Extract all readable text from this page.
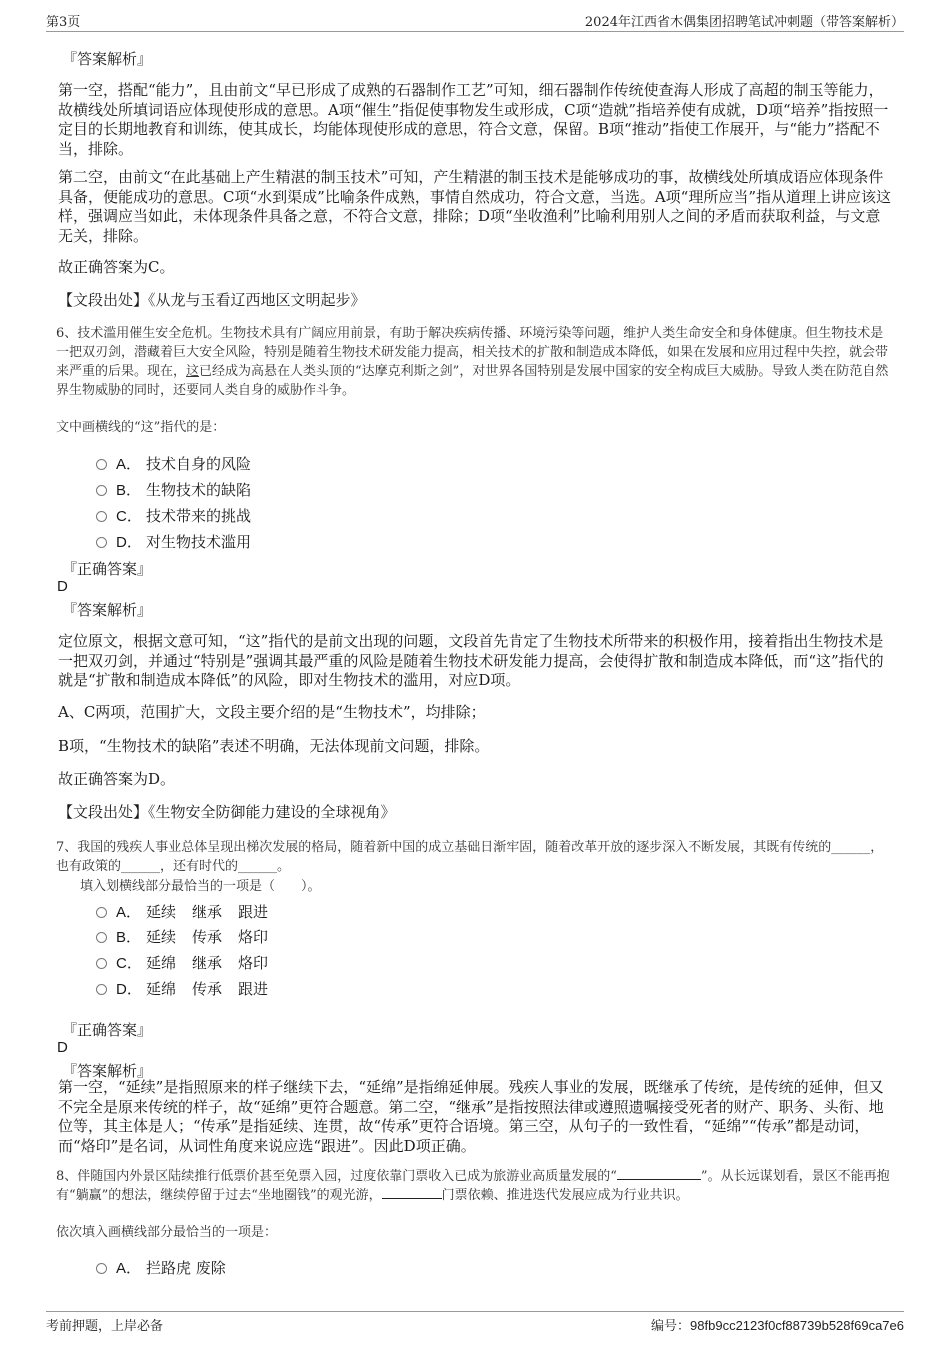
第3页	2024年江西省木偶集团招聘笔试冲刺题（带答案解析）
『答案解析』
第一空，搭配“能力”，且由前文“早已形成了成熟的石器制作工艺”可知，细石器制作传统使查海人形成了高超的制玉等能力，故横线处所填词语应体现使形成的意思。A项“催生”指促使事物发生或形成，C项“造就”指培养使有成就，D项“培养”指按照一定目的长期地教育和训练，使其成长，均能体现使形成的意思，符合文意，保留。B项“推动”指使工作展开，与“能力”搭配不当，排除。
第二空，由前文“在此基础上产生精湛的制玉技术”可知，产生精湛的制玉技术是能够成功的事，故横线处所填成语应体现条件具备，便能成功的意思。C项“水到渠成”比喻条件成熟，事情自然成功，符合文意，当选。A项“理所应当”指从道理上讲应该这样，强调应当如此，未体现条件具备之意，不符合文意，排除；D项“坐收渔利”比喻利用别人之间的矛盾而获取利益，与文意无关，排除。
故正确答案为C。
【文段出处】《从龙与玉看辽西地区文明起步》
6、技术滥用催生安全危机。生物技术具有广阔应用前景，有助于解决疾病传播、环境污染等问题，维护人类生命安全和身体健康。但生物技术是一把双刃剑，潜藏着巨大安全风险，特别是随着生物技术研发能力提高，相关技术的扩散和制造成本降低，如果在发展和应用过程中失控，就会带来严重的后果。现在，这已经成为高悬在人类头顶的“达摩克利斯之剑”，对世界各国特别是发展中国家的安全构成巨大威胁。导致人类在防范自然界生物威胁的同时，还要同人类自身的威胁作斗争。
文中画横线的“这”指代的是：
A． 技术自身的风险
B． 生物技术的缺陷
C． 技术带来的挑战
D． 对生物技术滥用
『正确答案』
D
『答案解析』
定位原文，根据文意可知，“这”指代的是前文出现的问题，文段首先肯定了生物技术所带来的积极作用，接着指出生物技术是一把双刃剑，并通过“特别是”强调其最严重的风险是随着生物技术研发能力提高，会使得扩散和制造成本降低，而“这”指代的就是“扩散和制造成本降低”的风险，即对生物技术的滥用，对应D项。
A、C两项，范围扩大，文段主要介绍的是“生物技术”，均排除；
B项，“生物技术的缺陷”表述不明确，无法体现前文问题，排除。
故正确答案为D。
【文段出处】《生物安全防御能力建设的全球视角》
7、我国的残疾人事业总体呈现出梯次发展的格局，随着新中国的成立基础日渐牢固，随着改革开放的逐步深入不断发展，其既有传统的______，也有政策的______，还有时代的______。
填入划横线部分最恰当的一项是（　　）。
A． 延续 继承 跟进
B． 延续 传承 烙印
C． 延绵 继承 烙印
D． 延绵 传承 跟进
『正确答案』
D
『答案解析』
第一空，“延续”是指照原来的样子继续下去，“延绵”是指绵延伸展。残疾人事业的发展，既继承了传统，是传统的延伸，但又不完全是原来传统的样子，故“延绵”更符合题意。第二空，“继承”是指按照法律或遵照遗嘱接受死者的财产、职务、头衔、地位等，其主体是人；“传承”是指延续、连贯，故“传承”更符合语境。第三空，从句子的一致性看，“延绵”“传承”都是动词，而“烙印”是名词，从词性角度来说应选“跟进”。因此D项正确。
8、伴随国内外景区陆续推行低票价甚至免票入园，过度依靠门票收入已成为旅游业高质量发展的“	”。从长远谋划看，景区不能再抱有“躺赢”的想法，继续停留于过去“坐地圈钱”的观光游，	门票依赖、推进迭代发展应成为行业共识。
依次填入画横线部分最恰当的一项是：
A． 拦路虎 废除
考前押题，上岸必备	编号：98fb9cc2123f0cf88739b528f69ca7e6
